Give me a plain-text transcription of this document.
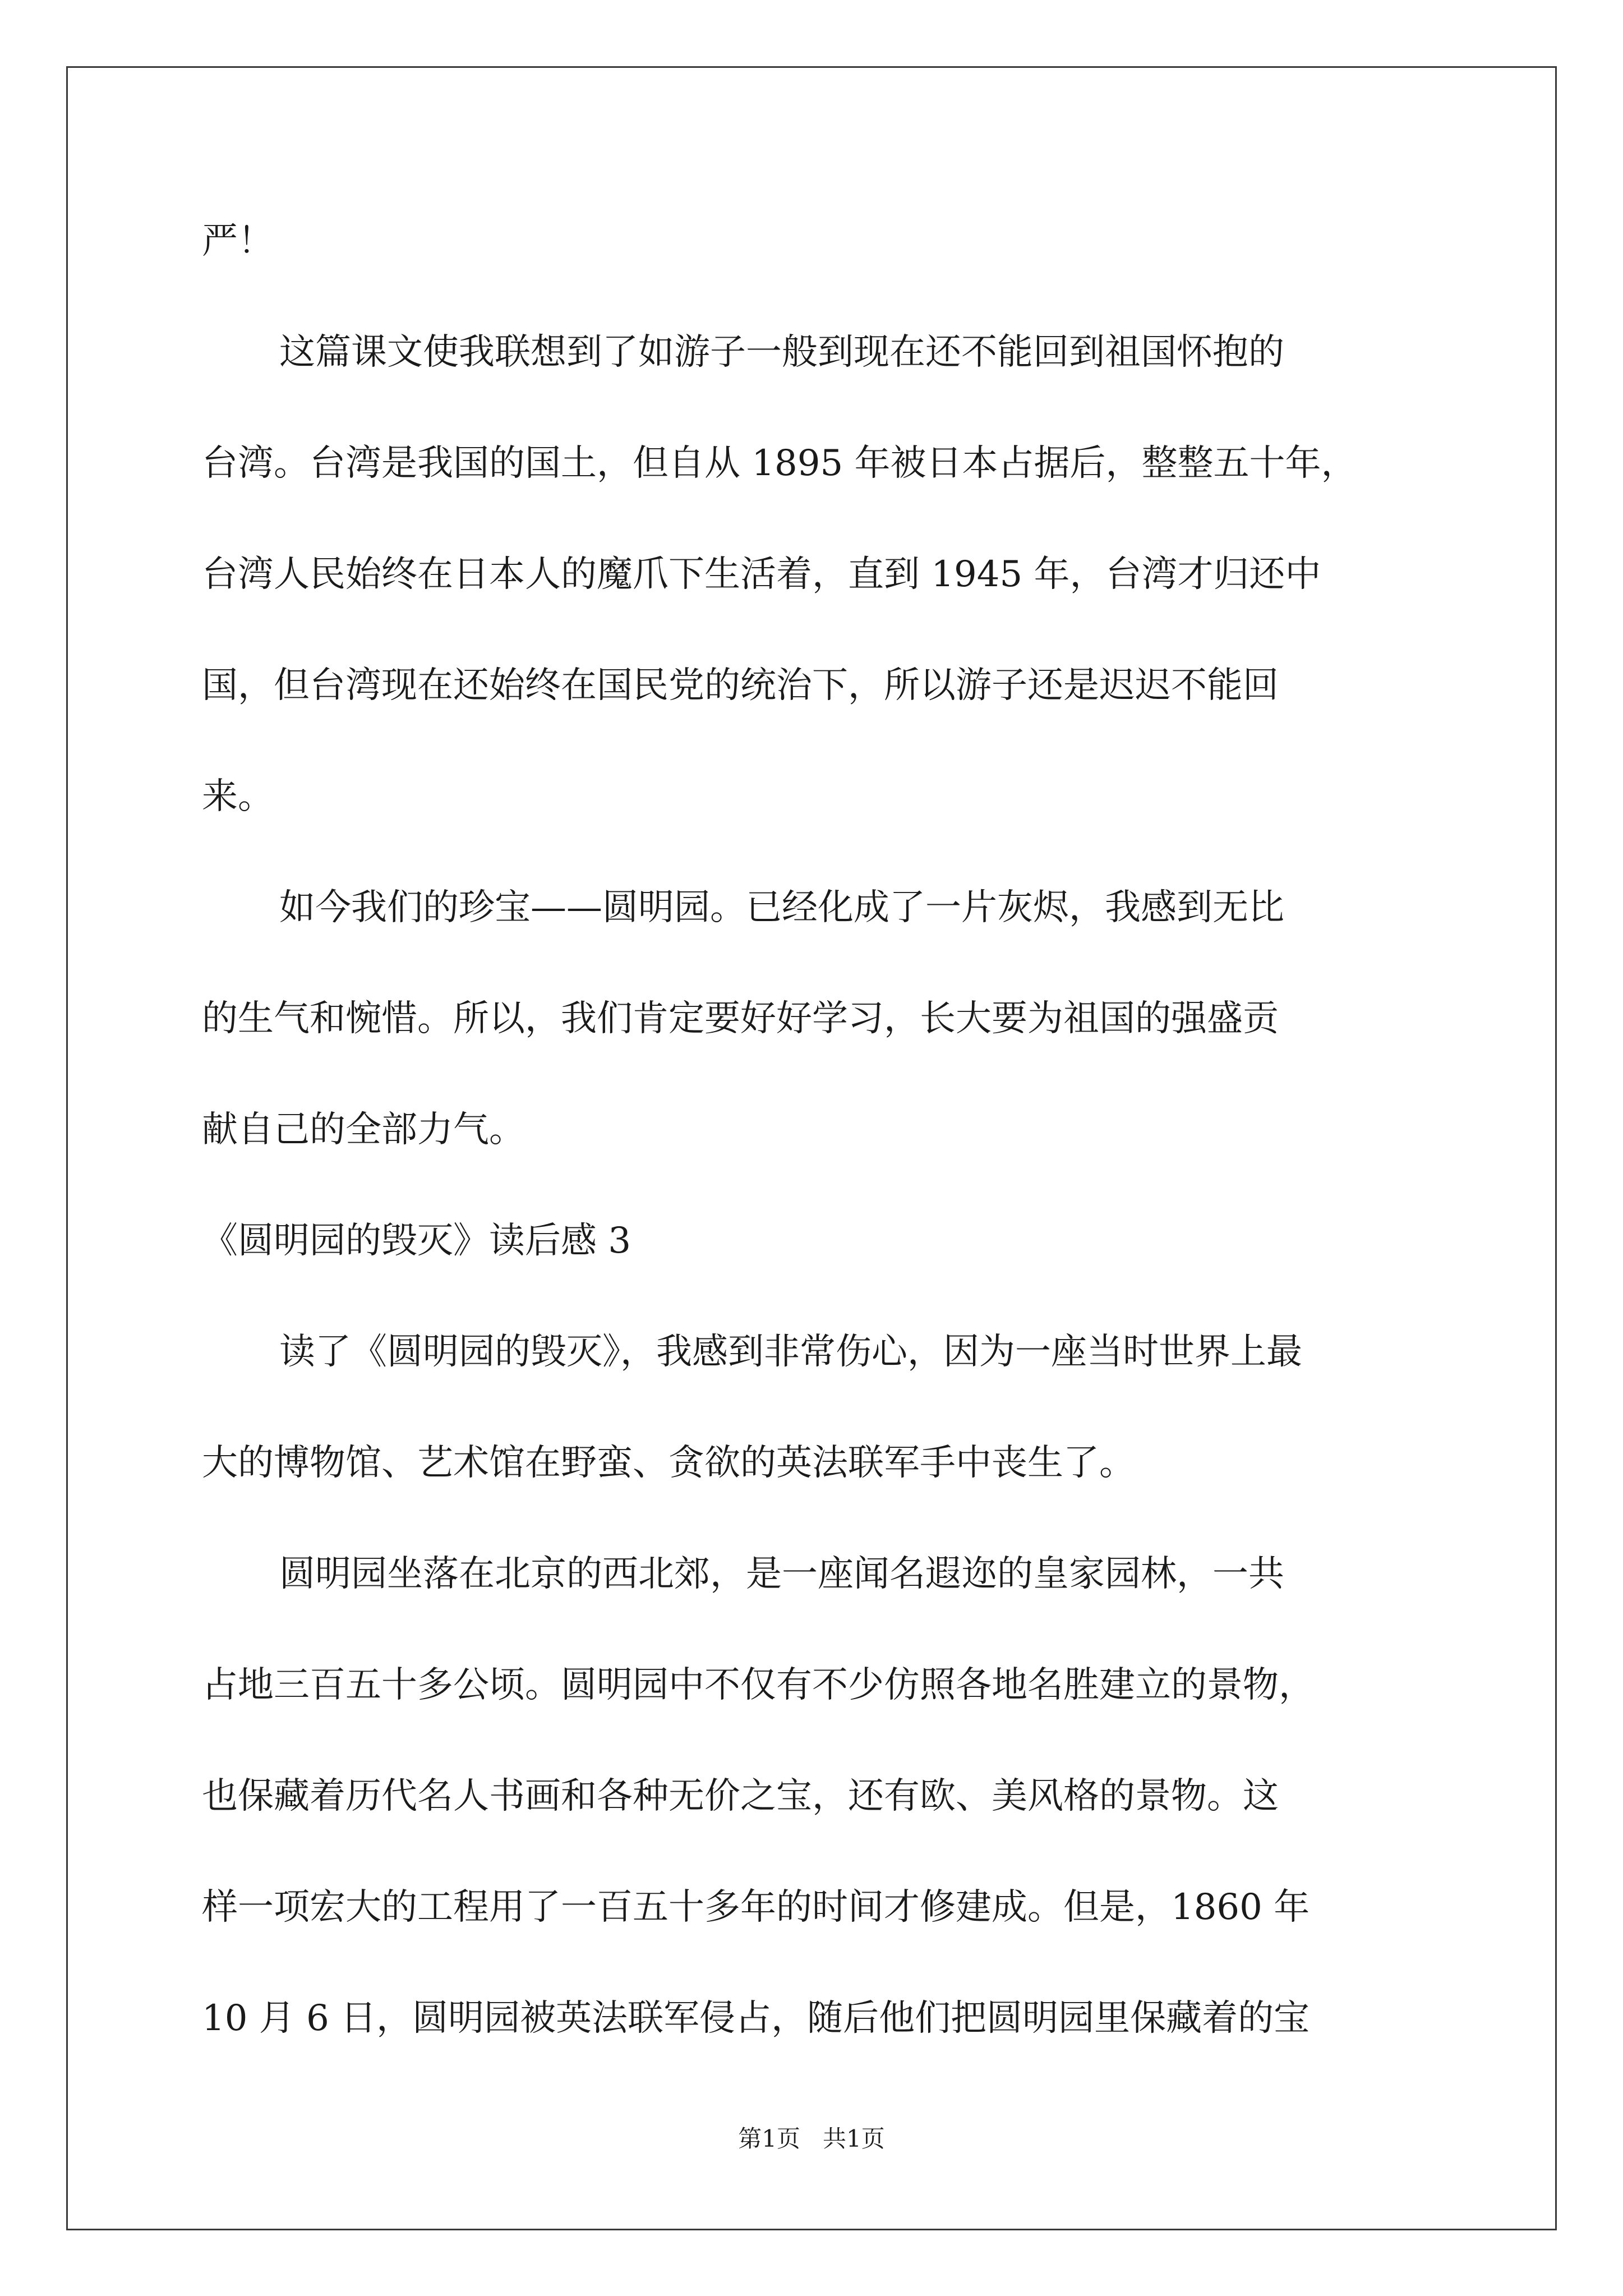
严！

这篇课文使我联想到了如游子一般到现在还不能回到祖国怀抱的

台湾。台湾是我国的国土，但自从 1895 年被日本占据后，整整五十年，

台湾人民始终在日本人的魔爪下生活着，直到 1945 年，台湾才归还中

国，但台湾现在还始终在国民党的统治下，所以游子还是迟迟不能回

来。

如今我们的珍宝——圆明园。已经化成了一片灰烬，我感到无比

的生气和惋惜。所以，我们肯定要好好学习，长大要为祖国的强盛贡

献自己的全部力气。

《圆明园的毁灭》读后感 3

读了《圆明园的毁灭》，我感到非常伤心，因为一座当时世界上最

大的博物馆、艺术馆在野蛮、贪欲的英法联军手中丧生了。

圆明园坐落在北京的西北郊，是一座闻名遐迩的皇家园林，一共

占地三百五十多公顷。圆明园中不仅有不少仿照各地名胜建立的景物，

也保藏着历代名人书画和各种无价之宝，还有欧、美风格的景物。这

样一项宏大的工程用了一百五十多年的时间才修建成。但是，1860 年

10 月 6 日，圆明园被英法联军侵占，随后他们把圆明园里保藏着的宝

第1页   共1页
